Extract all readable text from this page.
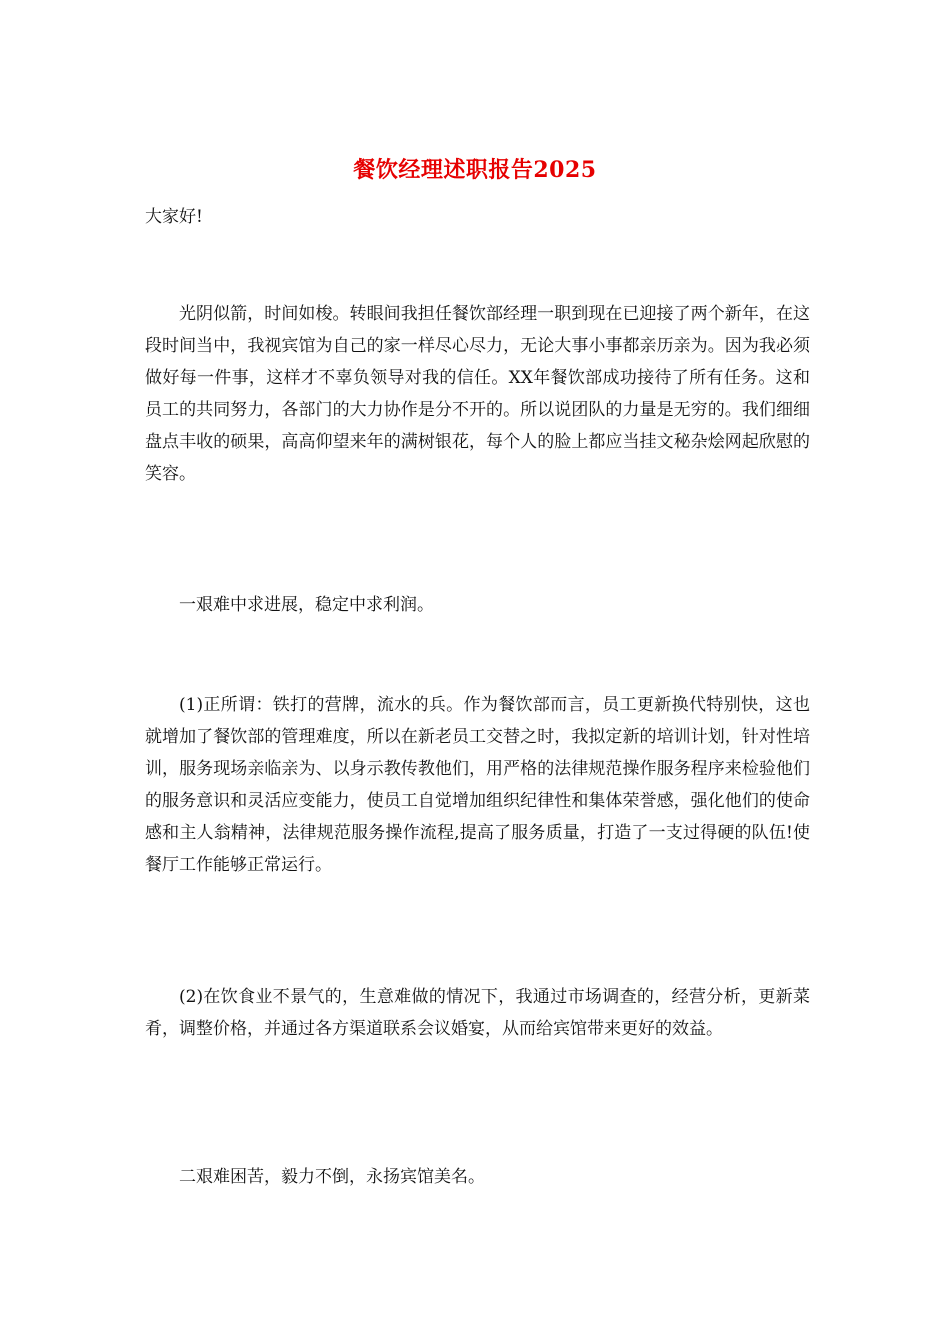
餐饮经理述职报告2025
大家好!

光阴似箭，时间如梭。转眼间我担任餐饮部经理一职到现在已迎接了两个新年，在这段时间当中，我视宾馆为自己的家一样尽心尽力，无论大事小事都亲历亲为。因为我必须做好每一件事，这样才不辜负领导对我的信任。XX年餐饮部成功接待了所有任务。这和员工的共同努力，各部门的大力协作是分不开的。所以说团队的力量是无穷的。我们细细盘点丰收的硕果，高高仰望来年的满树银花，每个人的脸上都应当挂文秘杂烩网起欣慰的笑容。

一艰难中求进展，稳定中求利润。

(1)正所谓：铁打的营牌，流水的兵。作为餐饮部而言，员工更新换代特别快，这也就增加了餐饮部的管理难度，所以在新老员工交替之时，我拟定新的培训计划，针对性培训，服务现场亲临亲为、以身示教传教他们，用严格的法律规范操作服务程序来检验他们的服务意识和灵活应变能力，使员工自觉增加组织纪律性和集体荣誉感，强化他们的使命感和主人翁精神，法律规范服务操作流程,提高了服务质量，打造了一支过得硬的队伍!使餐厅工作能够正常运行。

(2)在饮食业不景气的，生意难做的情况下，我通过市场调查的，经营分析，更新菜肴，调整价格，并通过各方渠道联系会议婚宴，从而给宾馆带来更好的效益。

二艰难困苦，毅力不倒，永扬宾馆美名。
